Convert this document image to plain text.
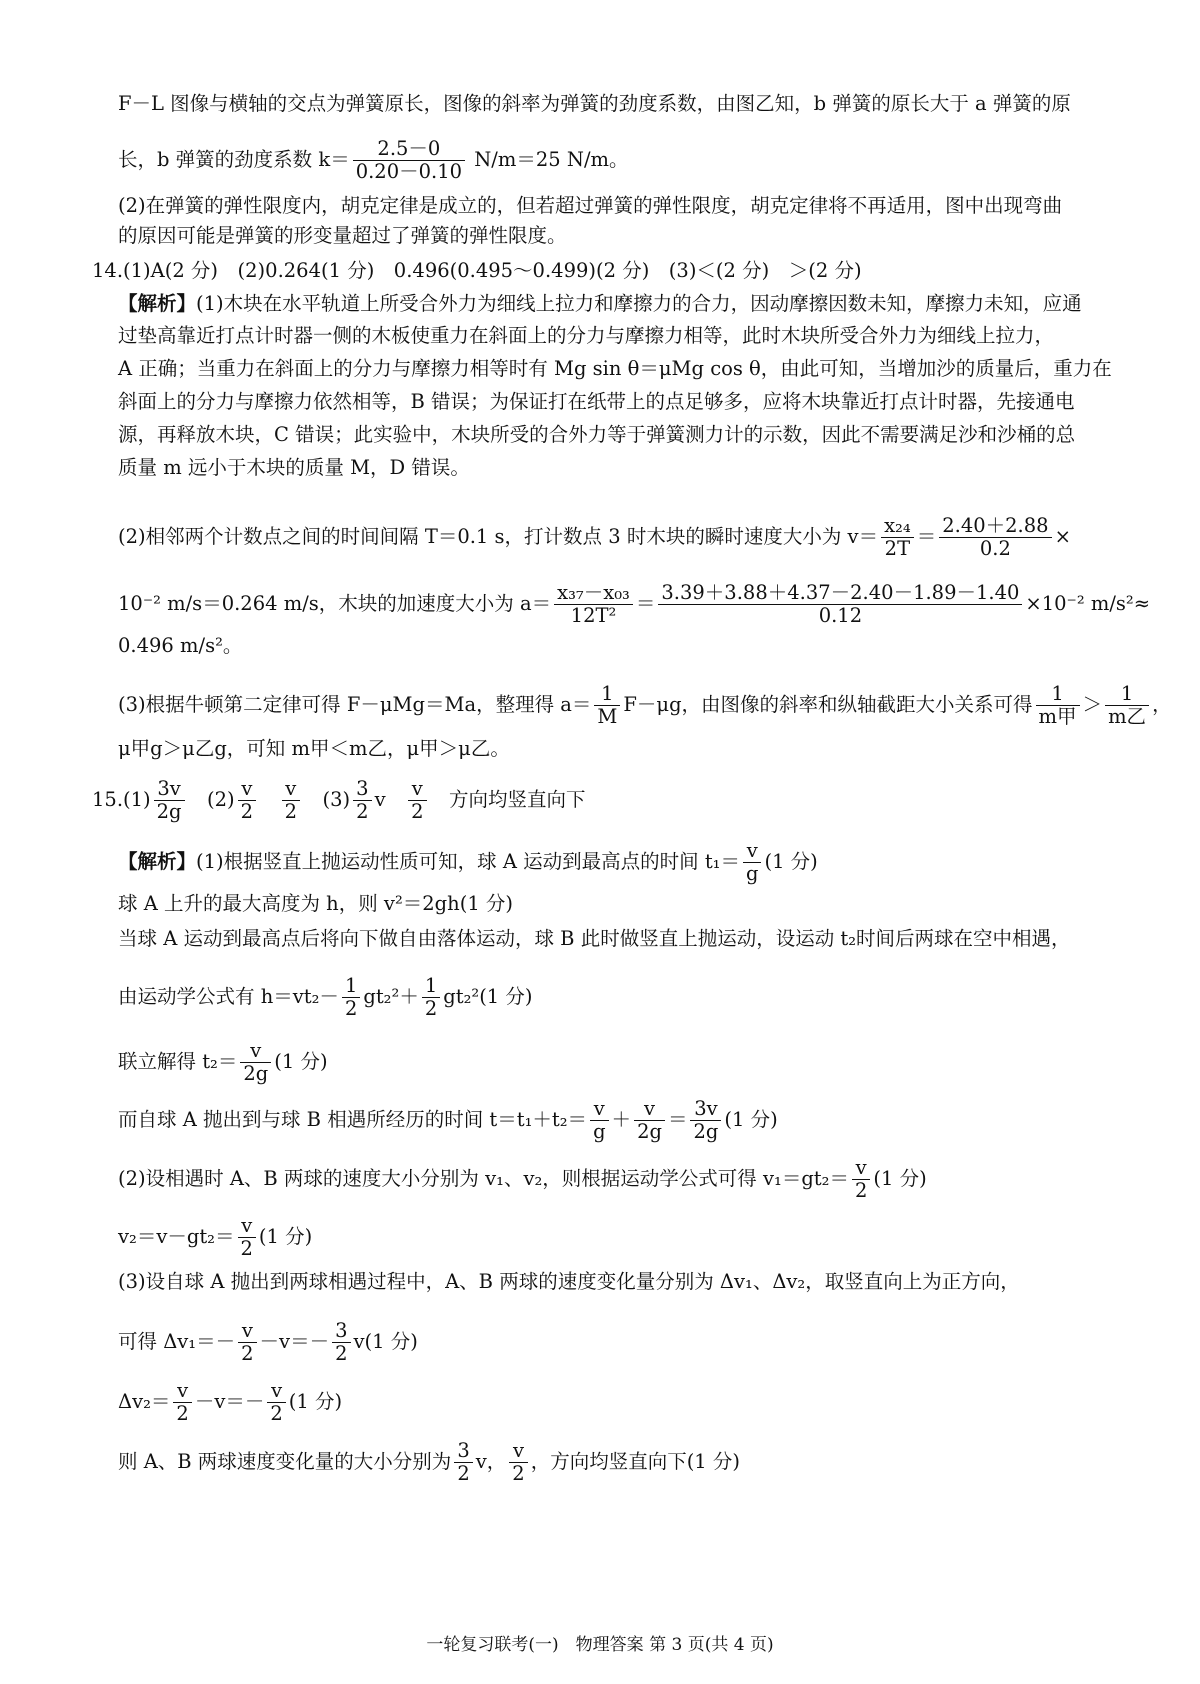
F－L 图像与横轴的交点为弹簧原长，图像的斜率为弹簧的劲度系数，由图乙知，b 弹簧的原长大于 a 弹簧的原
长，b 弹簧的劲度系数 $k= \frac{2.5-0}{0.20-0.10} N/m=25$ N/m。
(2)在弹簧的弹性限度内，胡克定律是成立的，但若超过弹簧的弹性限度，胡克定律将不再适用，图中出现弯曲
的原因可能是弹簧的形变量超过了弹簧的弹性限度。
14.(1)A(2 分)　(2)0.264(1 分)　0.496(0.495～0.499)(2 分)　(3)＜(2 分)　＞(2 分)
【解析】(1)木块在水平轨道上所受合外力为细线上拉力和摩擦力的合力，因动摩擦因数未知，摩擦力未知，应通
过垫高靠近打点计时器一侧的木板使重力在斜面上的分力与摩擦力相等，此时木块所受合外力为细线上拉力，
A 正确；当重力在斜面上的分力与摩擦力相等时有 Mg sin θ＝μMg cos θ，由此可知，当增加沙的质量后，重力在
斜面上的分力与摩擦力依然相等，B 错误；为保证打在纸带上的点足够多，应将木块靠近打点计时器，先接通电
源，再释放木块，C 错误；此实验中，木块所受的合外力等于弹簧测力计的示数，因此不需要满足沙和沙桶的总
质量 m 远小于木块的质量 M，D 错误。
(2)相邻两个计数点之间的时间间隔 T＝0.1 s，打计数点 3 时木块的瞬时速度大小为 $v= \frac{\text{x₂₄}}{2T} = \frac{2.40+2.88}{0.2}$ ×
10⁻² m/s＝0.264 m/s，木块的加速度大小为 $a= \frac{\text{x₃₇－x₀₃}}{\text{12T²}} = \frac{3.39+3.88+4.37-2.40-1.89-1.40}{0.12} \times 10^{-2}$ m/s²≈
0.496 m/s²。
(3)根据牛顿第二定律可得 F－μMg＝Ma，整理得 $a= \frac{1}{M} F-\mu g$，由图像的斜率和纵轴截距大小关系可得 $\frac{1}{\text{m甲}} > \frac{1}{\text{m乙}}$ ，
μ甲g＞μ乙g，可知 m甲＜m乙，μ甲＞μ乙。
$15.(1) \frac{3v}{2g}$ 　$(2) \frac{v}{2}$
　 $\frac{v}{2}$ 　$(3) \frac{3}{2}$ v　 $\frac{v}{2}$ 　方向均竖直向下
【解析】(1)根据竖直上抛运动性质可知，球 A 运动到最高点的时间 $t_1= \frac{v}{g} (1$ 分)
球 A 上升的最大高度为 h，则 v²＝2gh(1 分)
当球 A 运动到最高点后将向下做自由落体运动，球 B 此时做竖直上抛运动，设运动 t₂时间后两球在空中相遇，
由运动学公式有 $h=vt_2- \frac{1}{2} gt_2^2+ \frac{1}{2} gt_2^2(1$ 分)
联立解得 $t_2= \frac{v}{2g} (1$ 分)
而自球 A 抛出到与球 B 相遇所经历的时间 $t=t_1+t_2= \frac{v}{g} + \frac{v}{2g} = \frac{3v}{2g} (1$ 分)
(2)设相遇时 A、B 两球的速度大小分别为 v₁、v₂，则根据运动学公式可得 $v_1=gt_2= \frac{v}{2} (1$ 分)
$v_2=v-gt_2= \frac{v}{2} (1$ 分)
(3)设自球 A 抛出到两球相遇过程中，A、B 两球的速度变化量分别为 Δv₁、Δv₂，取竖直向上为正方向，
可得 $\Delta v_1=- \frac{v}{2} -v=- \frac{3}{2} v(1$ 分)
$\Delta v_2= \frac{v}{2} -v=- \frac{v}{2} (1$ 分)
则 A、B 两球速度变化量的大小分别为 $\frac{3}{2}$ v， $\frac{v}{2}$ ，方向均竖直向下(1 分)
一轮复习联考(一)　物理答案 第 3 页(共 4 页)
